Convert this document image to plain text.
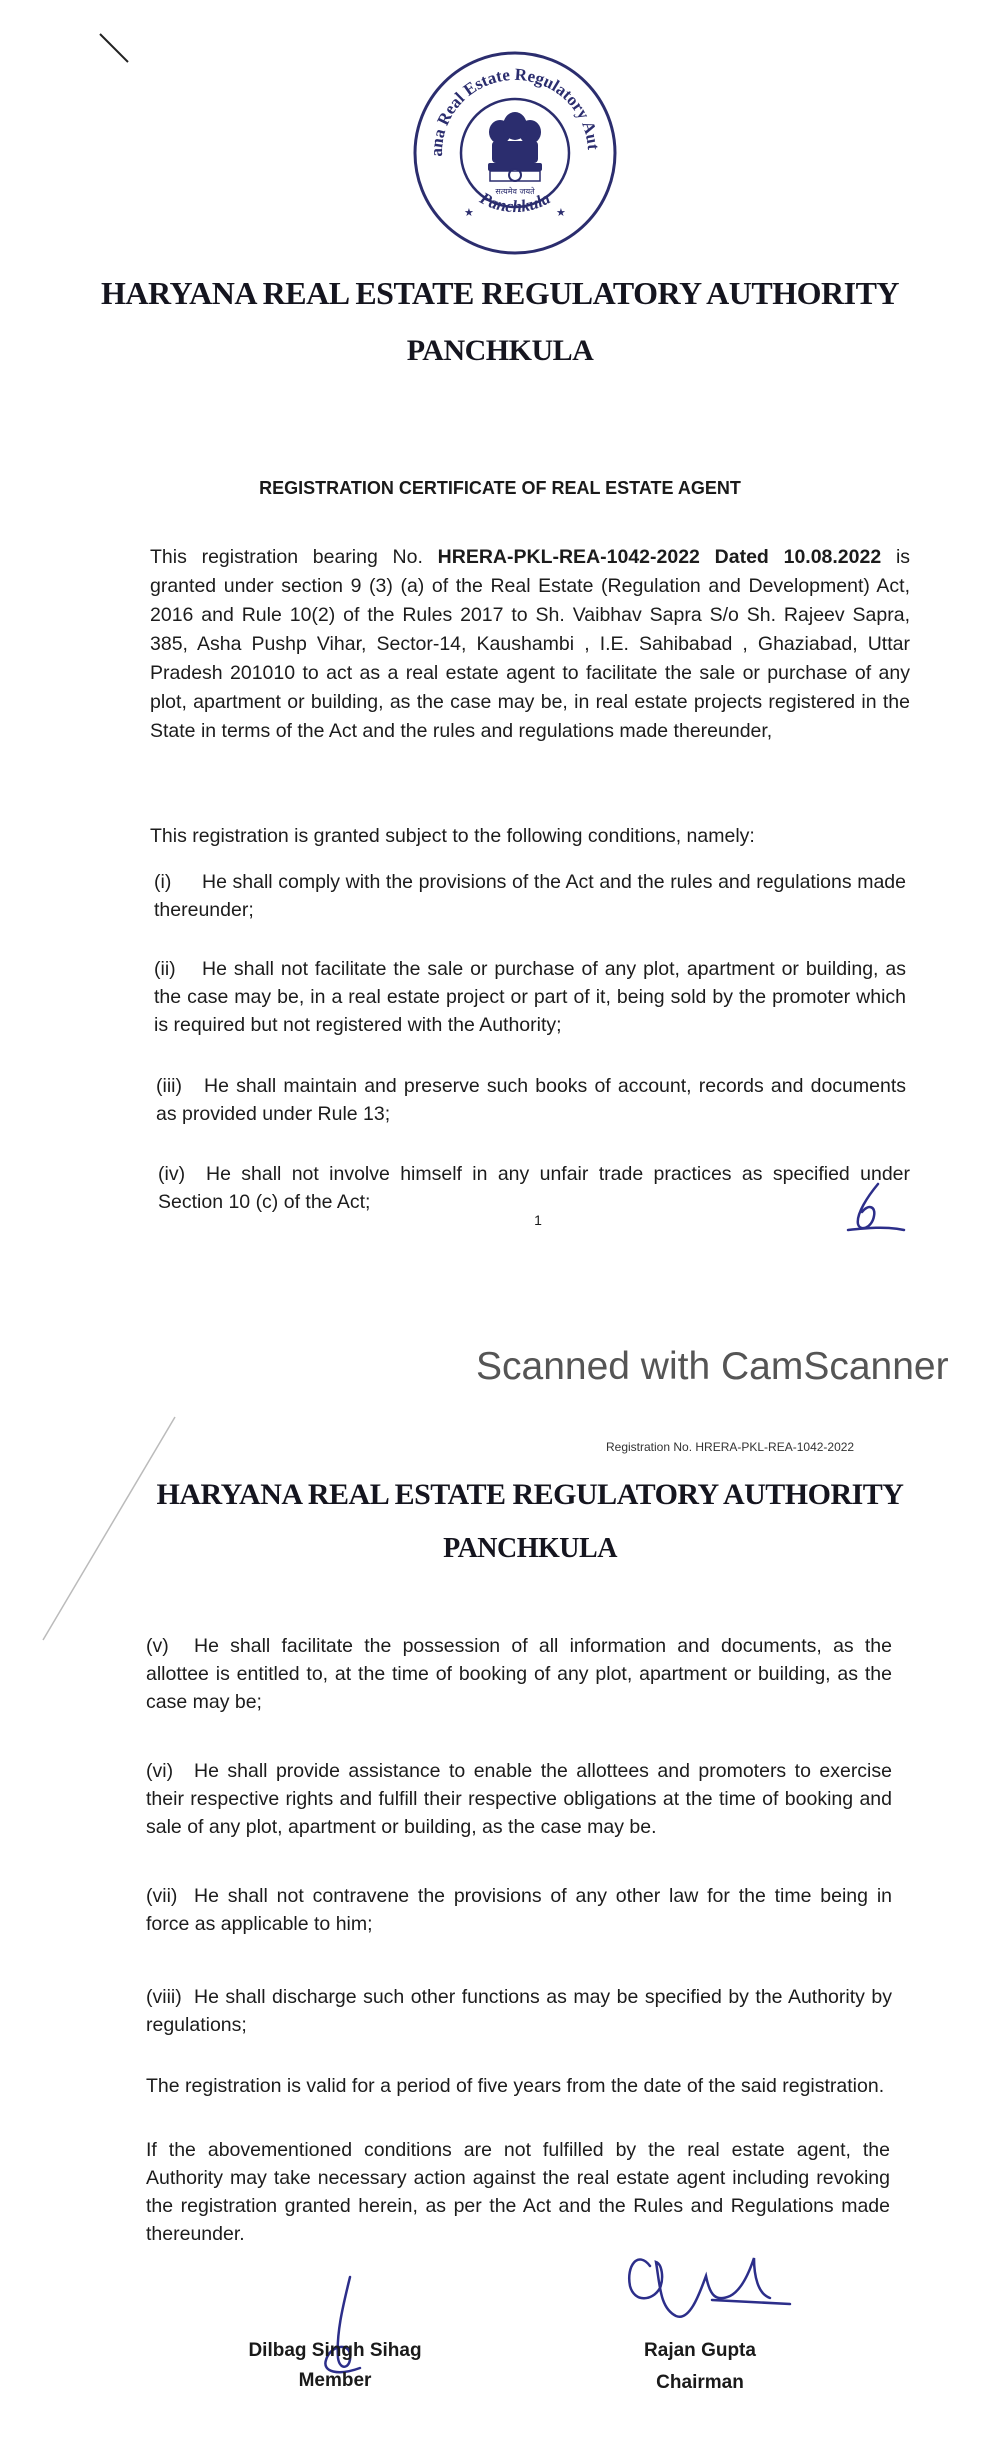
ana Real Estate Regulatory Aut
Panchkula
सत्यमेव जयते
★	★
HARYANA REAL ESTATE REGULATORY AUTHORITY
PANCHKULA
REGISTRATION CERTIFICATE OF REAL ESTATE AGENT
This registration bearing No. HRERA-PKL-REA-1042-2022 Dated 10.08.2022 is granted under section 9 (3) (a) of the Real Estate (Regulation and Development) Act, 2016 and Rule 10(2) of the Rules 2017 to Sh. Vaibhav Sapra S/o Sh. Rajeev Sapra, 385, Asha Pushp Vihar, Sector-14, Kaushambi , I.E. Sahibabad , Ghaziabad, Uttar Pradesh 201010 to act as a real estate agent to facilitate the sale or purchase of any plot, apartment or building, as the case may be, in real estate projects registered in the State in terms of the Act and the rules and regulations made thereunder,
This registration is granted subject to the following conditions, namely:
(i) He shall comply with the provisions of the Act and the rules and regulations made thereunder;
(ii) He shall not facilitate the sale or purchase of any plot, apartment or building, as the case may be, in a real estate project or part of it, being sold by the promoter which is required but not registered with the Authority;
(iii) He shall maintain and preserve such books of account, records and documents as provided under Rule 13;
(iv) He shall not involve himself in any unfair trade practices as specified under Section 10 (c) of the Act;
1
Scanned with CamScanner
Registration No. HRERA-PKL-REA-1042-2022
HARYANA REAL ESTATE REGULATORY AUTHORITY
PANCHKULA
(v) He shall facilitate the possession of all information and documents, as the allottee is entitled to, at the time of booking of any plot, apartment or building, as the case may be;
(vi) He shall provide assistance to enable the allottees and promoters to exercise their respective rights and fulfill their respective obligations at the time of booking and sale of any plot, apartment or building, as the case may be.
(vii) He shall not contravene the provisions of any other law for the time being in force as applicable to him;
(viii) He shall discharge such other functions as may be specified by the Authority by regulations;
The registration is valid for a period of five years from the date of the said registration.
If the abovementioned conditions are not fulfilled by the real estate agent, the Authority may take necessary action against the real estate agent including revoking the registration granted herein, as per the Act and the Rules and Regulations made thereunder.
Dilbag Singh Sihag
Member
Rajan Gupta
Chairman
